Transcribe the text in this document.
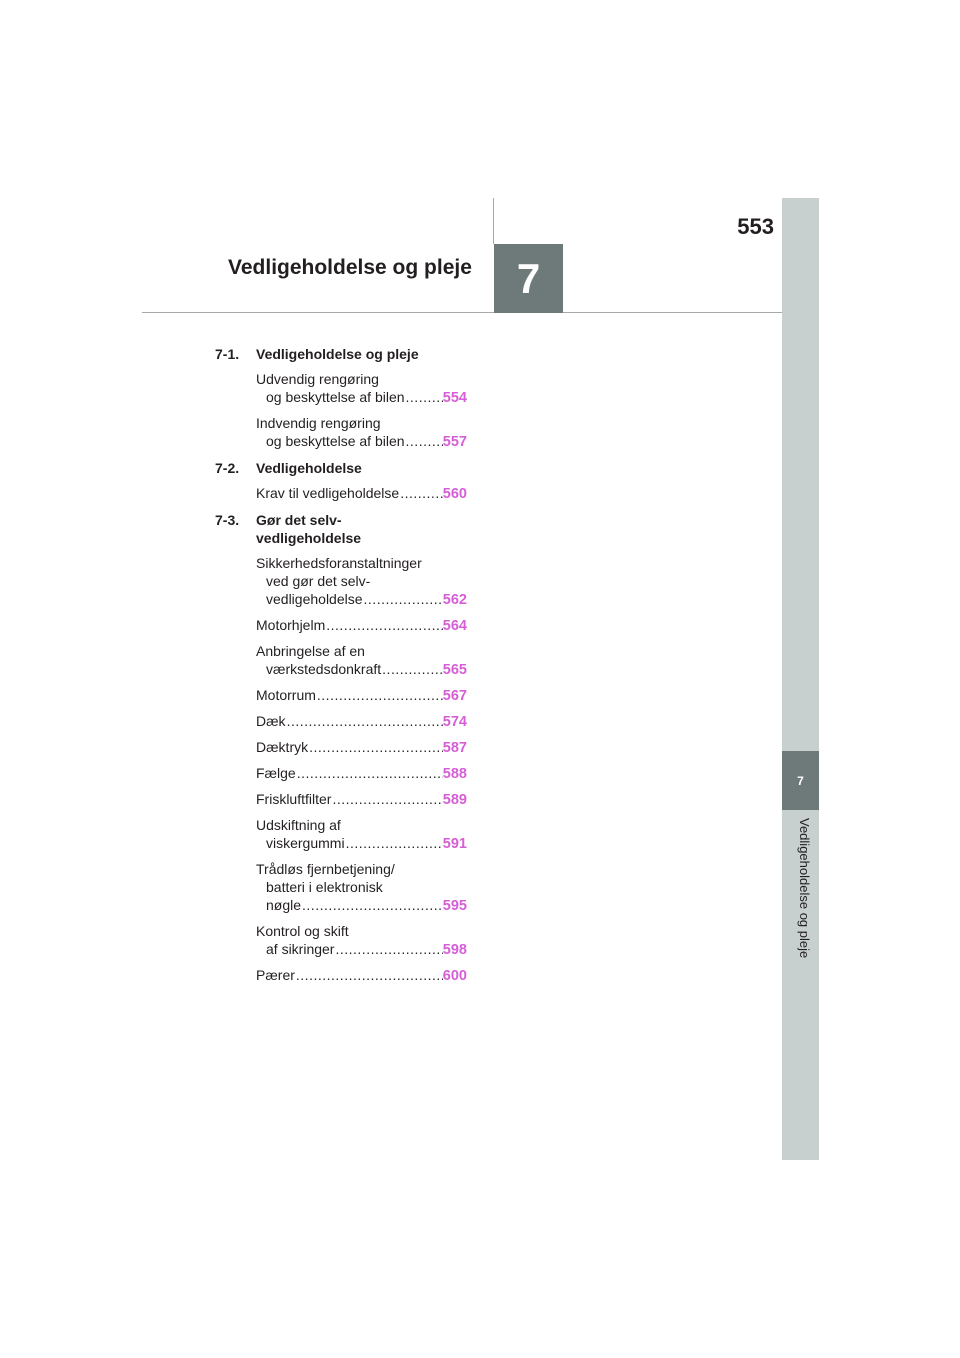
7
Vedligeholdelse og pleje
553
7
Vedligeholdelse og pleje
7-1.	Vedligeholdelse og pleje
Udvendig rengøring
og beskyttelse af bilen .....	554
Indvendig rengøring
og beskyttelse af bilen .....	557
7-2.	Vedligeholdelse
Krav til vedligeholdelse .....	560
7-3.	Gør det selv-
vedligeholdelse
Sikkerhedsforanstaltninger
ved gør det selv-
vedligeholdelse .....	562
Motorhjelm .....	564
Anbringelse af en
værkstedsdonkraft .....	565
Motorrum .....	567
Dæk .....	574
Dæktryk .....	587
Fælge .....	588
Friskluftfilter .....	589
Udskiftning af
viskergummi .....	591
Trådløs fjernbetjening/
batteri i elektronisk
nøgle .....	595
Kontrol og skift
af sikringer .....	598
Pærer .....	600
